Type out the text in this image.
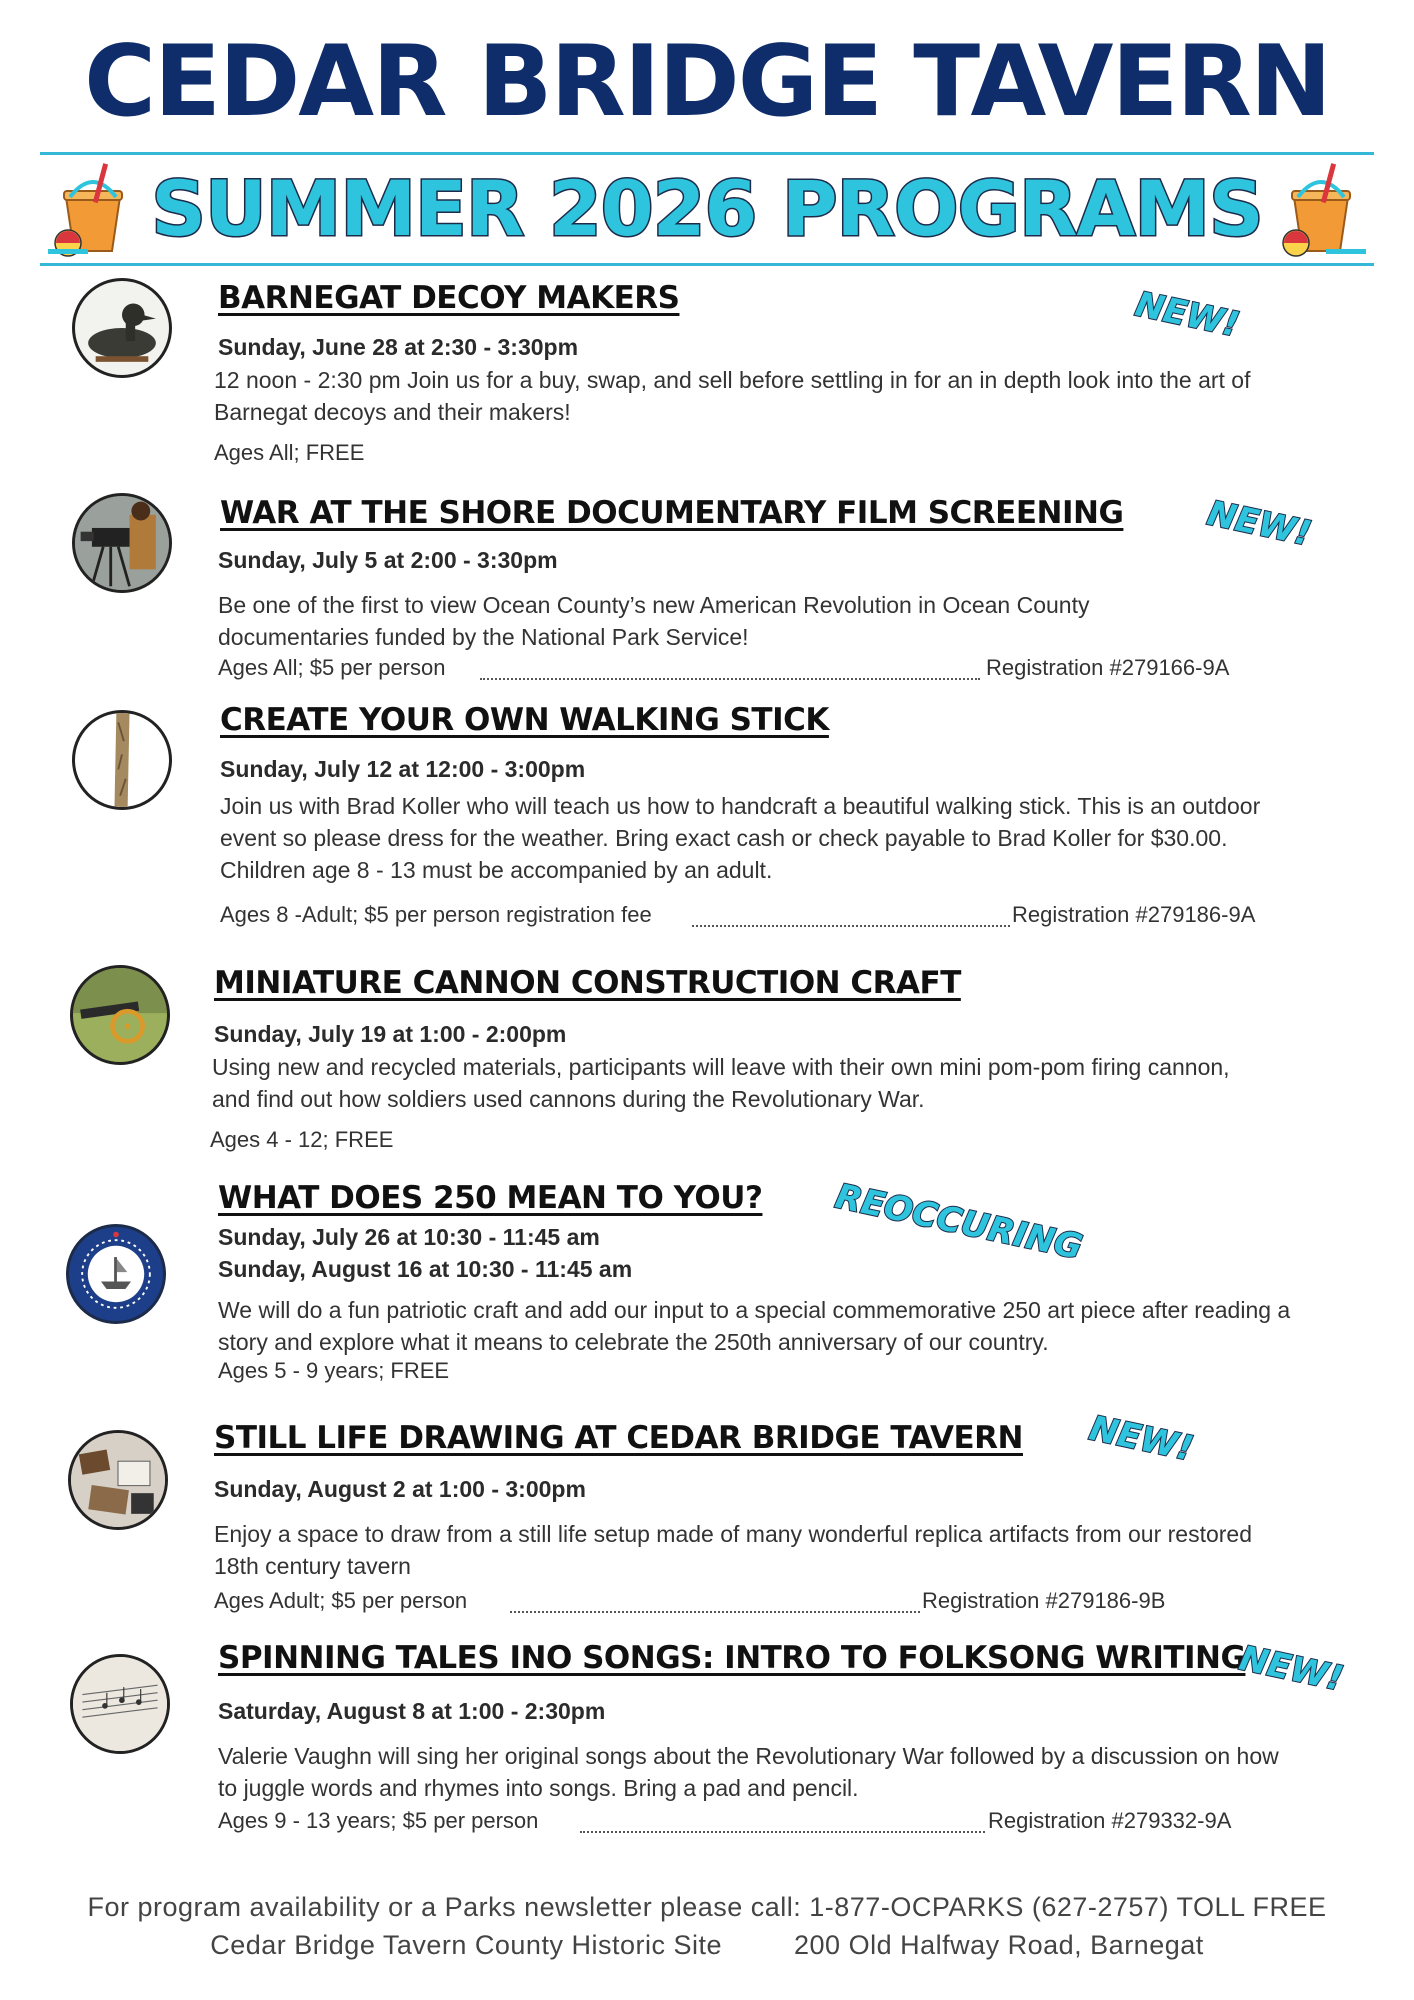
CEDAR BRIDGE TAVERN
SUMMER 2026 PROGRAMS
BARNEGAT DECOY MAKERS	NEW!
Sunday, June 28 at 2:30 - 3:30pm
12 noon - 2:30 pm Join us for a buy, swap, and sell before settling in for an in depth look into the art of Barnegat decoys and their makers!
Ages All; FREE
WAR AT THE SHORE DOCUMENTARY FILM SCREENING NEW!
Sunday, July 5 at 2:00 - 3:30pm
Be one of the first to view Ocean County’s new American Revolution in Ocean County documentaries funded by the National Park Service!
Ages All; $5 per person	Registration #279166-9A
CREATE YOUR OWN WALKING STICK
Sunday, July 12 at 12:00 - 3:00pm
Join us with Brad Koller who will teach us how to handcraft a beautiful walking stick. This is an outdoor event so please dress for the weather. Bring exact cash or check payable to Brad Koller for $30.00. Children age 8 - 13 must be accompanied by an adult.
Ages 8 -Adult; $5 per person registration fee	Registration #279186-9A
MINIATURE CANNON CONSTRUCTION CRAFT
Sunday, July 19 at 1:00 - 2:00pm
Using new and recycled materials, participants will leave with their own mini pom-pom firing cannon, and find out how soldiers used cannons during the Revolutionary War.
Ages 4 - 12; FREE
WHAT DOES 250 MEAN TO YOU? REOCCURING
Sunday, July 26 at 10:30 - 11:45 am
Sunday, August 16 at 10:30 - 11:45 am
We will do a fun patriotic craft and add our input to a special commemorative 250 art piece after reading a story and explore what it means to celebrate the 250th anniversary of our country.
Ages 5 - 9 years; FREE
STILL LIFE DRAWING AT CEDAR BRIDGE TAVERN NEW!
Sunday, August 2 at 1:00 - 3:00pm
Enjoy a space to draw from a still life setup made of many wonderful replica artifacts from our restored 18th century tavern
Ages Adult; $5 per person	Registration #279186-9B
SPINNING TALES INO SONGS: INTRO TO FOLKSONG WRITING
NEW!
Saturday, August 8 at 1:00 - 2:30pm
Valerie Vaughn will sing her original songs about the Revolutionary War followed by a discussion on how to juggle words and rhymes into songs. Bring a pad and pencil.
Ages 9 - 13 years; $5 per person	Registration #279332-9A
For program availability or a Parks newsletter please call: 1-877-OCPARKS (627-2757) TOLL FREE
Cedar Bridge Tavern County Historic Site	200 Old Halfway Road, Barnegat
